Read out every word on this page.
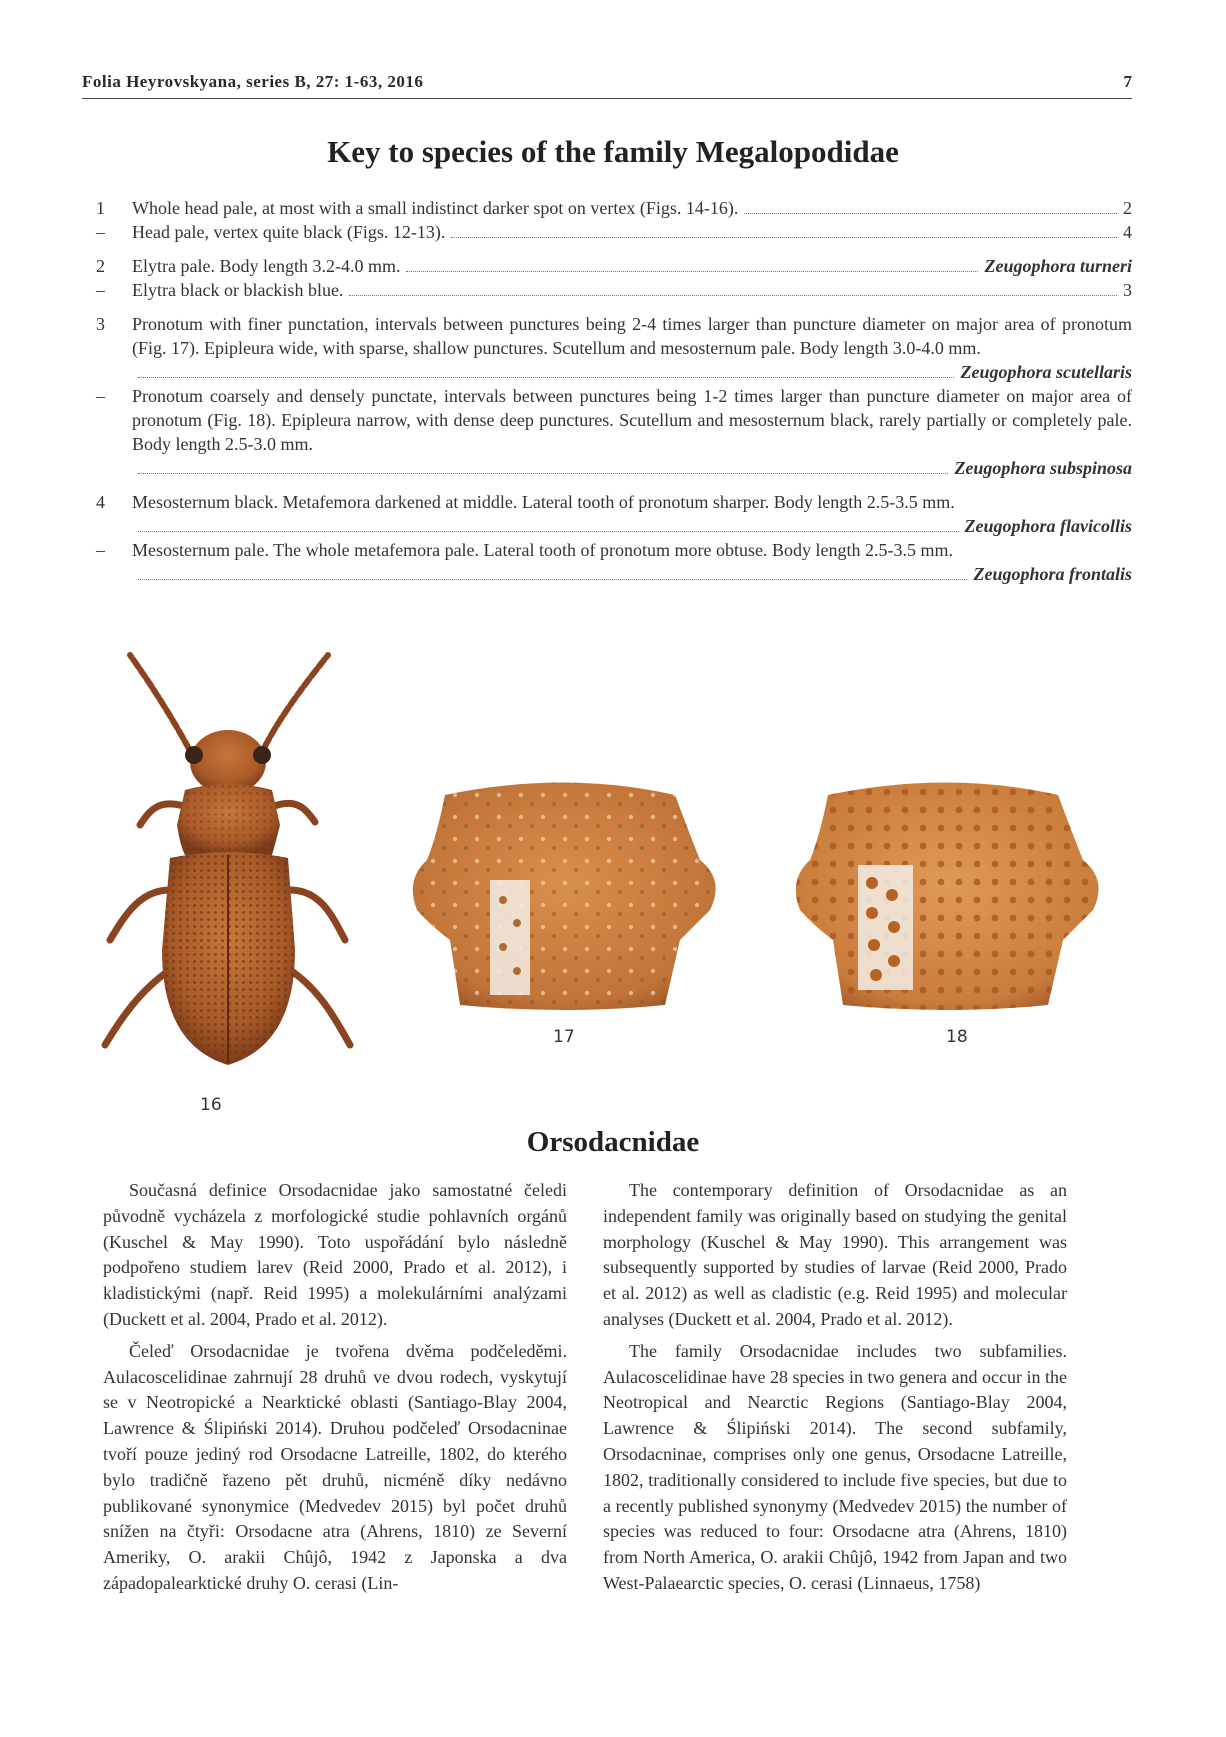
Folia Heyrovskyana, series B, 27: 1-63, 2016	7
Key to species of the family Megalopodidae
1	Whole head pale, at most with a small indistinct darker spot on vertex (Figs. 14-16).	2
–	Head pale, vertex quite black (Figs. 12-13).	4
2	Elytra pale. Body length 3.2-4.0 mm.	Zeugophora turneri
–	Elytra black or blackish blue.	3
3	Pronotum with finer punctation, intervals between punctures being 2-4 times larger than puncture diameter on major area of pronotum (Fig. 17). Epipleura wide, with sparse, shallow punctures. Scutellum and mesosternum pale. Body length 3.0-4.0 mm.
Zeugophora scutellaris
–	Pronotum coarsely and densely punctate, intervals between punctures being 1-2 times larger than puncture diameter on major area of pronotum (Fig. 18). Epipleura narrow, with dense deep punctures. Scutellum and mesosternum black, rarely partially or completely pale. Body length 2.5-3.0 mm.
Zeugophora subspinosa
4	Mesosternum black. Metafemora darkened at middle. Lateral tooth of pronotum sharper. Body length 2.5-3.5 mm.
Zeugophora flavicollis
–	Mesosternum pale. The whole metafemora pale. Lateral tooth of pronotum more obtuse. Body length 2.5-3.5 mm.
Zeugophora frontalis
16
17	18
Orsodacnidae

Současná definice Orsodacnidae jako samostatné čeledi původně vycházela z morfologické studie pohlavních orgánů (Kuschel & May 1990). Toto uspořádání bylo následně podpořeno studiem larev (Reid 2000, Prado et al. 2012), i kladistickými (např. Reid 1995) a molekulárními analýzami (Duckett et al. 2004, Prado et al. 2012).

Čeleď Orsodacnidae je tvořena dvěma podčeleděmi. Aulacoscelidinae zahrnují 28 druhů ve dvou rodech, vyskytují se v Neotropické a Nearktické oblasti (Santiago-Blay 2004, Lawrence & Ślipiński 2014). Druhou podčeleď Orsodacninae tvoří pouze jediný rod Orsodacne Latreille, 1802, do kterého bylo tradičně řazeno pět druhů, nicméně díky nedávno publikované synonymice (Medvedev 2015) byl počet druhů snížen na čtyři: Orsodacne atra (Ahrens, 1810) ze Severní Ameriky, O. arakii Chûjô, 1942 z Japonska a dva západopalearktické druhy O. cerasi (Lin-

The contemporary definition of Orsodacnidae as an independent family was originally based on studying the genital morphology (Kuschel & May 1990). This arrangement was subsequently supported by studies of larvae (Reid 2000, Prado et al. 2012) as well as cladistic (e.g. Reid 1995) and molecular analyses (Duckett et al. 2004, Prado et al. 2012).

The family Orsodacnidae includes two subfamilies. Aulacoscelidinae have 28 species in two genera and occur in the Neotropical and Nearctic Regions (Santiago-Blay 2004, Lawrence & Ślipiński 2014). The second subfamily, Orsodacninae, comprises only one genus, Orsodacne Latreille, 1802, traditionally considered to include five species, but due to a recently published synonymy (Medvedev 2015) the number of species was reduced to four: Orsodacne atra (Ahrens, 1810) from North America, O. arakii Chûjô, 1942 from Japan and two West-Palaearctic species, O. cerasi (Linnaeus, 1758)
